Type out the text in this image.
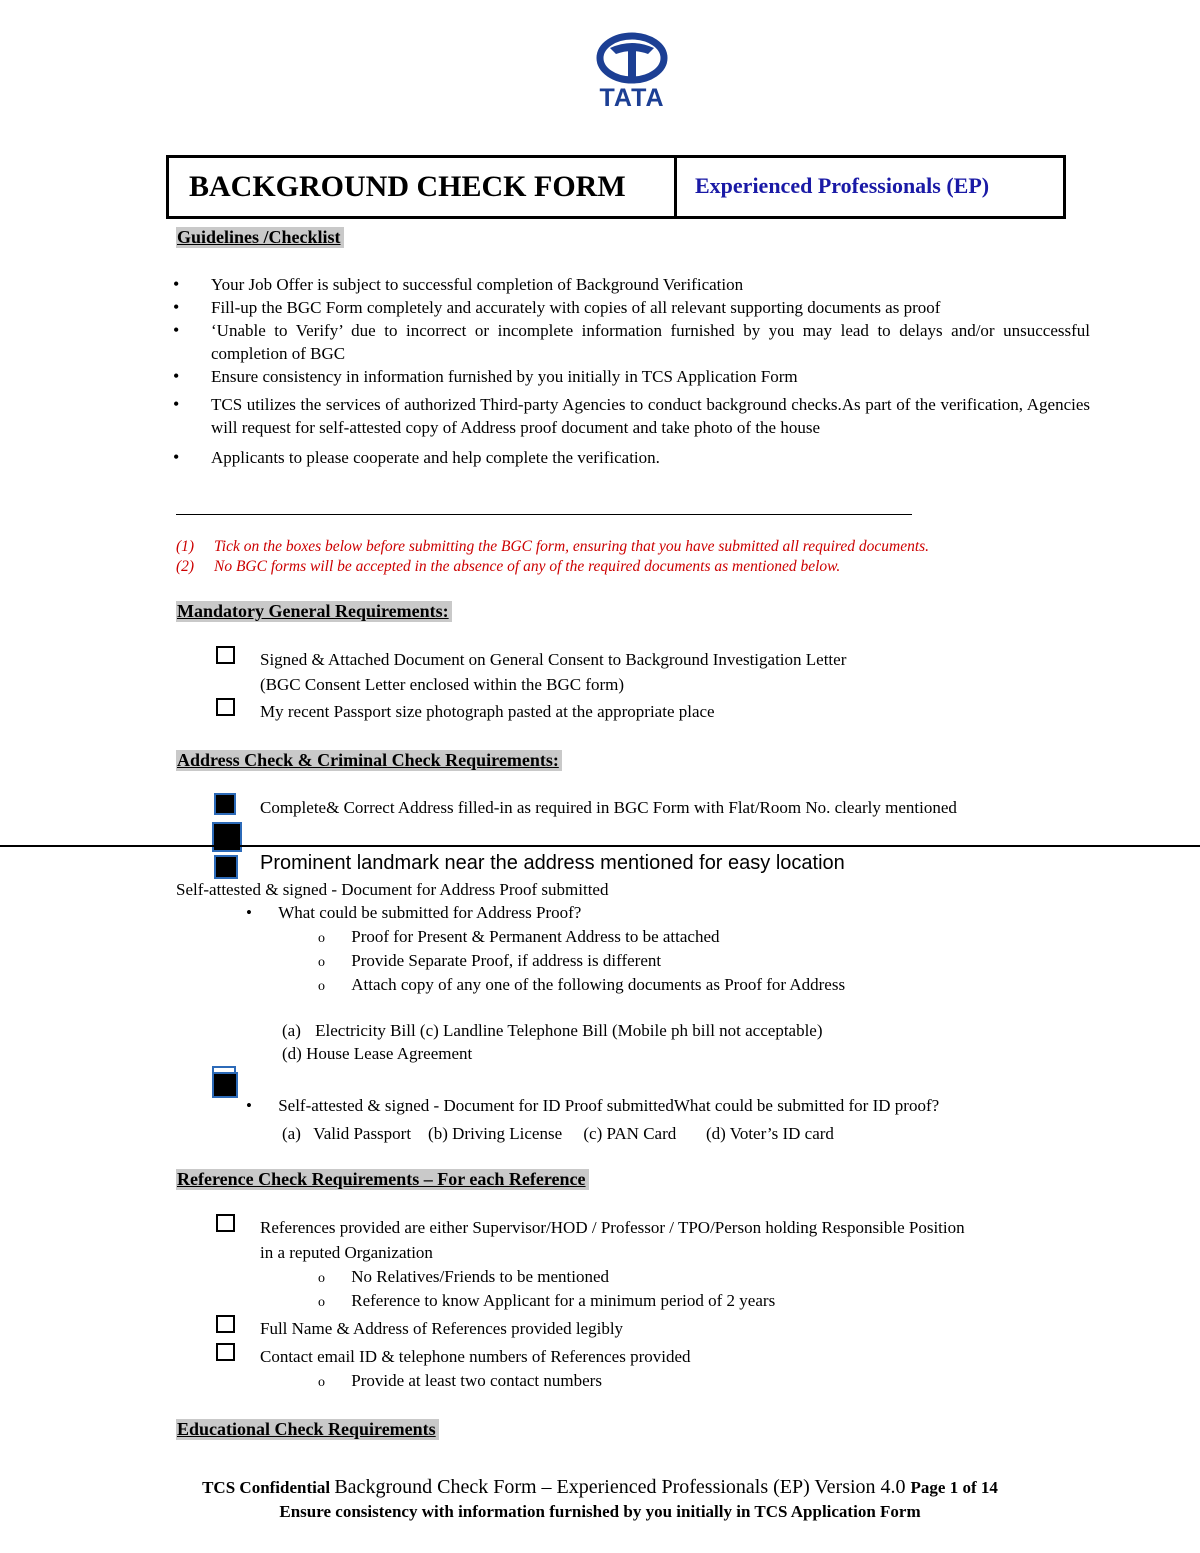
TATA
BACKGROUND CHECK FORM	Experienced Professionals (EP)
Guidelines /Checklist
• Your Job Offer is subject to successful completion of Background Verification
• Fill-up the BGC Form completely and accurately with copies of all relevant supporting documents as proof
• ‘Unable to Verify’ due to incorrect or incomplete information furnished by you may lead to delays and/or unsuccessful completion of BGC
• Ensure consistency in information furnished by you initially in TCS Application Form
• TCS utilizes the services of authorized Third-party Agencies to conduct background checks.As part of the verification, Agencies will request for self-attested copy of Address proof document and take photo of the house
• Applicants to please cooperate and help complete the verification.
(1) Tick on the boxes below before submitting the BGC form, ensuring that you have submitted all required documents.
(2) No BGC forms will be accepted in the absence of any of the required documents as mentioned below.
Mandatory General Requirements:
Signed & Attached Document on General Consent to Background Investigation Letter
(BGC Consent Letter enclosed within the BGC form)
My recent Passport size photograph pasted at the appropriate place
Address Check & Criminal Check Requirements:
Complete& Correct Address filled-in as required in BGC Form with Flat/Room No. clearly mentioned
Prominent landmark near the address mentioned for easy location
Self-attested & signed - Document for Address Proof submitted
• What could be submitted for Address Proof?
o Proof for Present & Permanent Address to be attached
o Provide Separate Proof, if address is different
o Attach copy of any one of the following documents as Proof for Address
(a) Electricity Bill (c) Landline Telephone Bill (Mobile ph bill not acceptable)
(d) House Lease Agreement
• Self-attested & signed - Document for ID Proof submittedWhat could be submitted for ID proof?
(a)   Valid Passport    (b) Driving License     (c) PAN Card       (d) Voter’s ID card
Reference Check Requirements – For each Reference
References provided are either Supervisor/HOD / Professor / TPO/Person holding Responsible Position
in a reputed Organization
o No Relatives/Friends to be mentioned
o Reference to know Applicant for a minimum period of 2 years
Full Name & Address of References provided legibly
Contact email ID & telephone numbers of References provided
o Provide at least two contact numbers
Educational Check Requirements
TCS Confidential Background Check Form – Experienced Professionals (EP) Version 4.0 Page 1 of 14
Ensure consistency with information furnished by you initially in TCS Application Form
